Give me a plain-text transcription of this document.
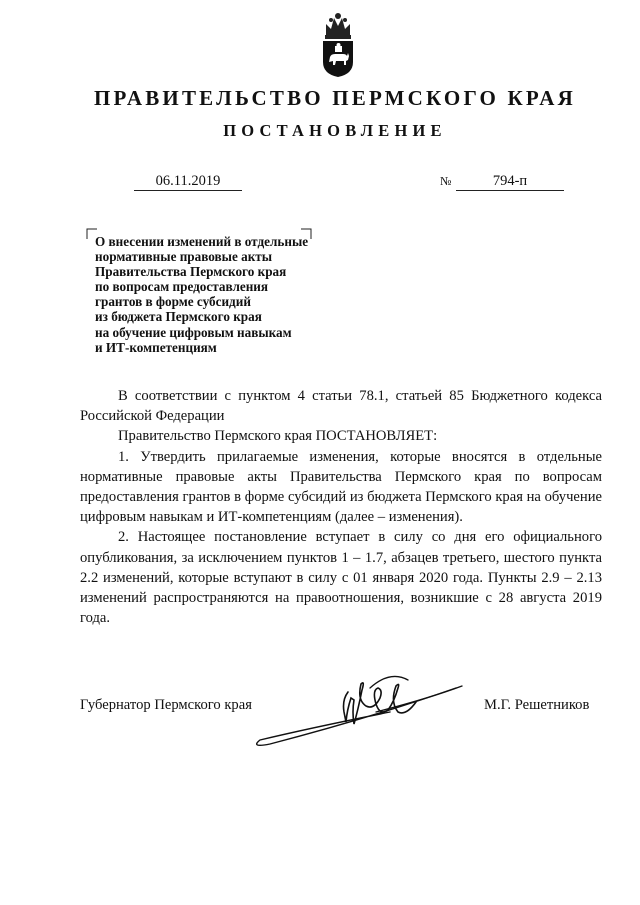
ПРАВИТЕЛЬСТВО ПЕРМСКОГО КРАЯ
ПОСТАНОВЛЕНИЕ
06.11.2019	№	794-п
О внесении изменений в отдельные
нормативные правовые акты
Правительства Пермского края
по вопросам предоставления
грантов в форме субсидий
из бюджета Пермского края
на обучение цифровым навыкам
и ИТ-компетенциям

В соответствии с пунктом 4 статьи 78.1, статьей 85 Бюджетного кодекса Российской Федерации

Правительство Пермского края ПОСТАНОВЛЯЕТ:

1. Утвердить прилагаемые изменения, которые вносятся в отдельные нормативные правовые акты Правительства Пермского края по вопросам предоставления грантов в форме субсидий из бюджета Пермского края на обучение цифровым навыкам и ИТ-компетенциям (далее – изменения).

2. Настоящее постановление вступает в силу со дня его официального опубликования, за исключением пунктов 1 – 1.7, абзацев третьего, шестого пункта 2.2 изменений, которые вступают в силу с 01 января 2020 года. Пункты 2.9 – 2.13 изменений распространяются на правоотношения, возникшие с 28 августа 2019 года.

Губернатор Пермского края	М.Г. Решетников
